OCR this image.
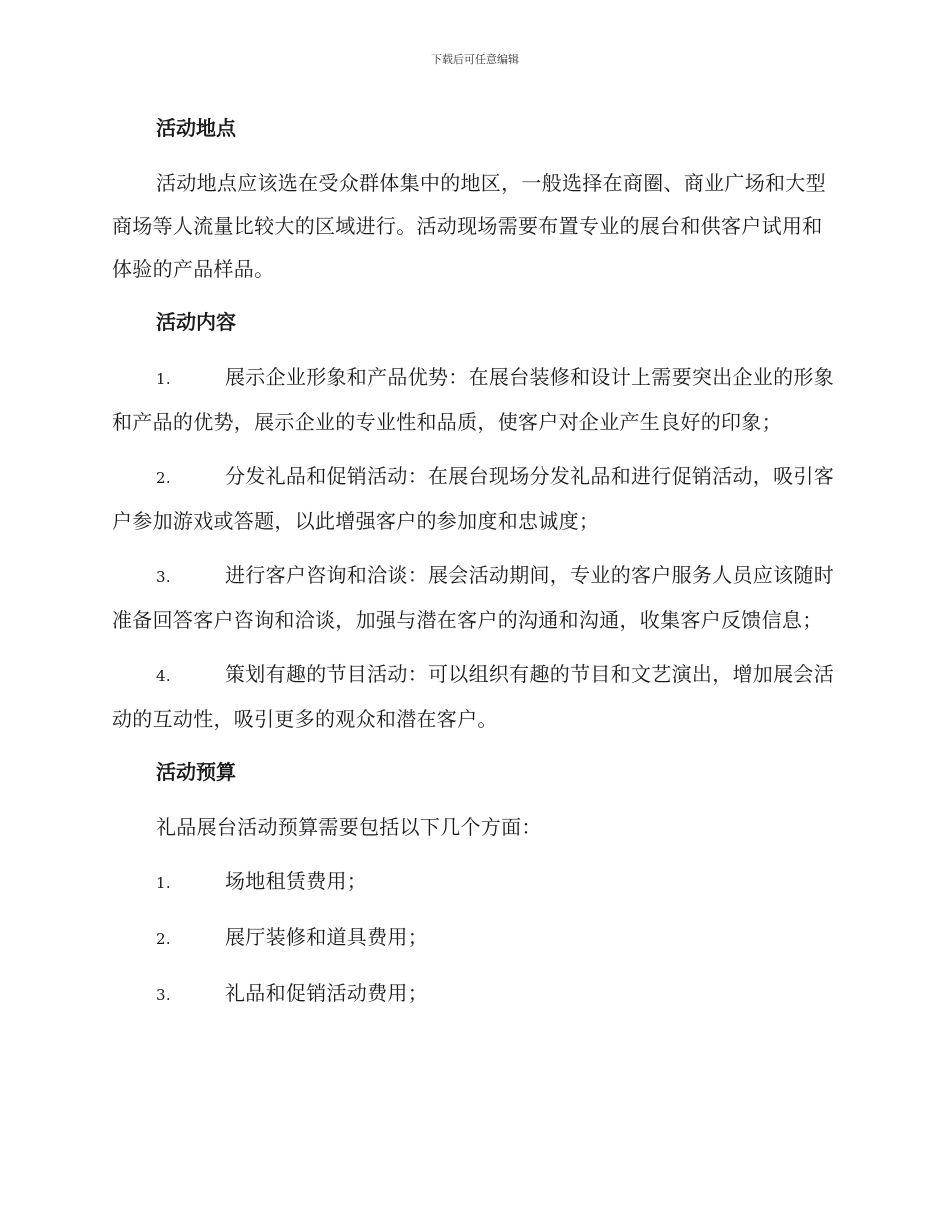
下载后可任意编辑
活动地点
活动地点应该选在受众群体集中的地区，一般选择在商圈、商业广场和大型商场等人流量比较大的区域进行。活动现场需要布置专业的展台和供客户试用和体验的产品样品。
活动内容
1.	展示企业形象和产品优势：在展台装修和设计上需要突出企业的形象和产品的优势，展示企业的专业性和品质，使客户对企业产生良好的印象；
2.	分发礼品和促销活动：在展台现场分发礼品和进行促销活动，吸引客户参加游戏或答题，以此增强客户的参加度和忠诚度；
3.	进行客户咨询和洽谈：展会活动期间，专业的客户服务人员应该随时准备回答客户咨询和洽谈，加强与潜在客户的沟通和沟通，收集客户反馈信息；
4.	策划有趣的节目活动：可以组织有趣的节目和文艺演出，增加展会活动的互动性，吸引更多的观众和潜在客户。
活动预算
礼品展台活动预算需要包括以下几个方面：
1.	场地租赁费用；
2.	展厅装修和道具费用；
3.	礼品和促销活动费用；
